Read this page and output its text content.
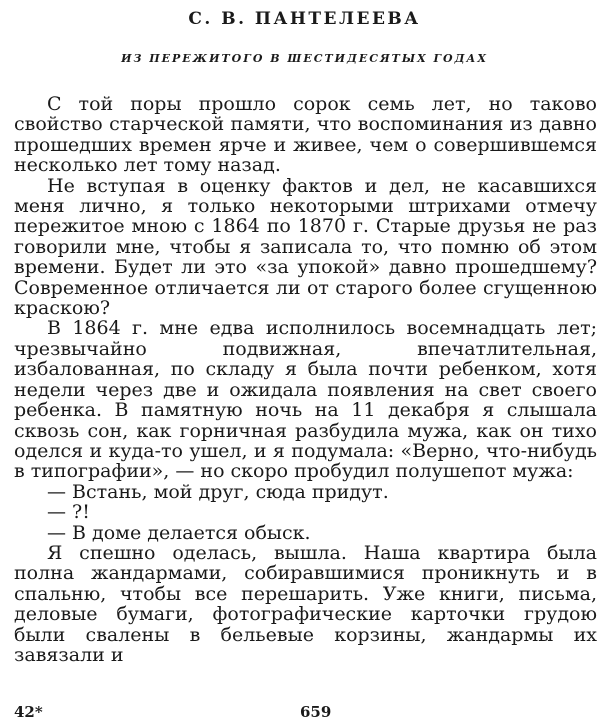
С. В. ПАНТЕЛЕЕВА
ИЗ ПЕРЕЖИТОГО В ШЕСТИДЕСЯТЫХ ГОДАХ

С той поры прошло сорок семь лет, но таково свойство старческой памяти, что воспоминания из давно прошедших времен ярче и живее, чем о совершившемся несколько лет тому назад.

Не вступая в оценку фактов и дел, не касавшихся меня лично, я только некоторыми штрихами отмечу пережитое мною с 1864 по 1870 г. Старые друзья не раз говорили мне, чтобы я записала то, что помню об этом времени. Будет ли это «за упокой» давно прошедшему? Современное отличается ли от старого более сгущенною краскою?

В 1864 г. мне едва исполнилось восемнадцать лет; чрезвычайно подвижная, впечатлительная, избалованная, по складу я была почти ребенком, хотя недели через две и ожидала появления на свет своего ребенка. В памятную ночь на 11 декабря я слышала сквозь сон, как горничная разбудила мужа, как он тихо оделся и куда-то ушел, и я подумала: «Верно, что-нибудь в типографии», — но скоро пробудил полушепот мужа:

— Встань, мой друг, сюда придут.

— ?!

— В доме делается обыск.

Я спешно оделась, вышла. Наша квартира была полна жандармами, собиравшимися проникнуть и в спальню, чтобы все перешарить. Уже книги, письма, деловые бумаги, фотографические карточки грудою были свалены в бельевые корзины, жандармы их завязали и

42*	659
